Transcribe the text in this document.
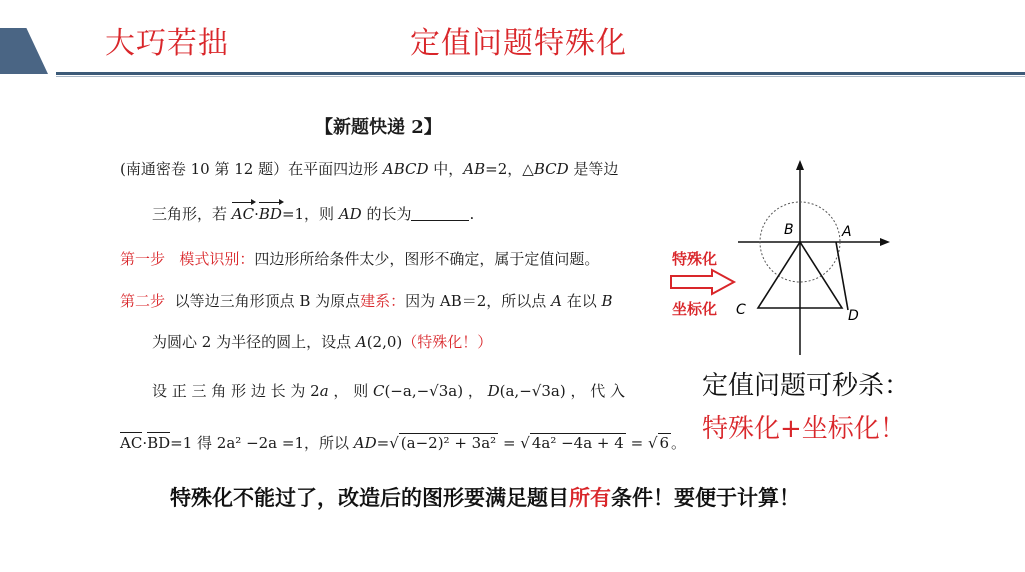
大巧若拙	定值问题特殊化
【新题快递 2】
(南通密卷 10 第 12 题）在平面四边形 ABCD 中，AB=2，△BCD 是等边
三角形，若 AC·BD=1，则 AD 的长为	.
第一步 模式识别：四边形所给条件太少，图形不确定，属于定值问题。
第二步 以等边三角形顶点 B 为原点建系：因为 AB＝2，所以点 A 在以 B
为圆心 2 为半径的圆上，设点 A(2,0)（特殊化！）
设 正 三 角 形 边 长 为 2a ， 则 C(−a,−√3a) ， D(a,−√3a) ， 代 入
AC·BD=1 得 2a² −2a =1，所以 AD=√ (a−2)² + 3a² = √ 4a² −4a + 4 = √ 6 。
特殊化
坐标化
B	A
C	D
定值问题可秒杀：
特殊化+坐标化！
特殊化不能过了，改造后的图形要满足题目所有条件！要便于计算！
